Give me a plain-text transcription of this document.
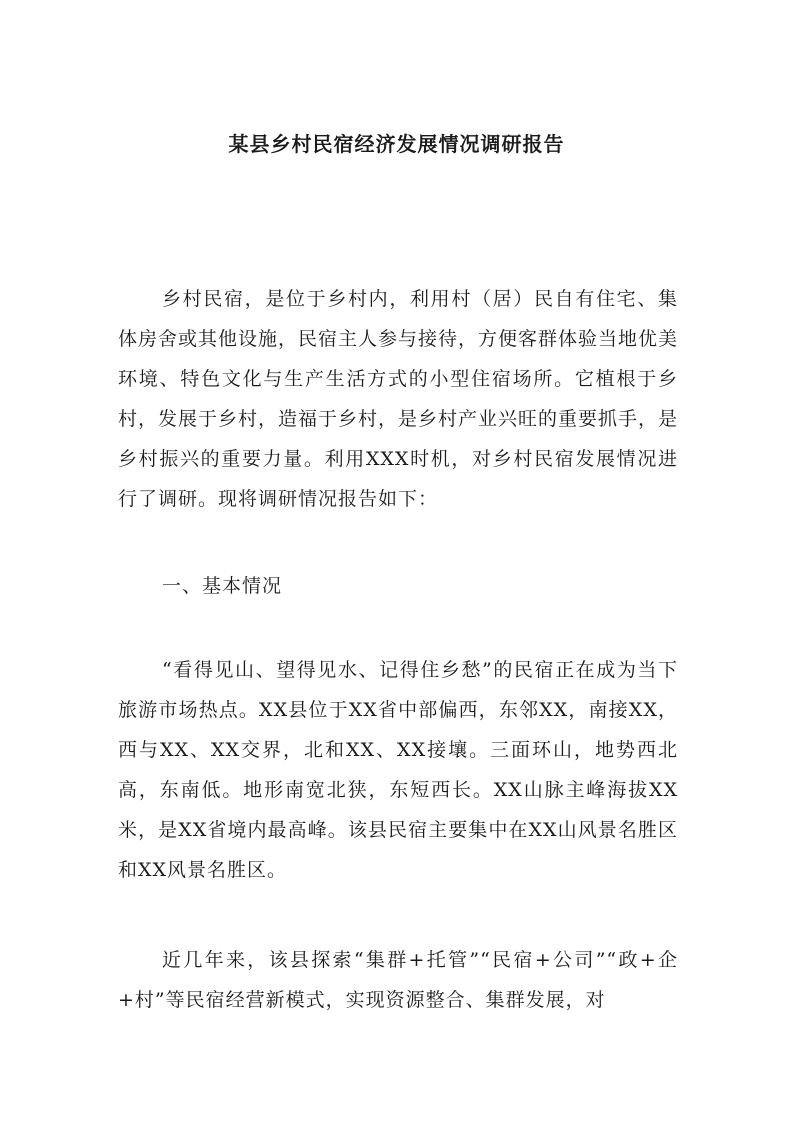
某县乡村民宿经济发展情况调研报告

乡村民宿，是位于乡村内，利用村（居）民自有住宅、集体房舍或其他设施，民宿主人参与接待，方便客群体验当地优美环境、特色文化与生产生活方式的小型住宿场所。它植根于乡村，发展于乡村，造福于乡村，是乡村产业兴旺的重要抓手，是乡村振兴的重要力量。利用XXX时机，对乡村民宿发展情况进行了调研。现将调研情况报告如下：

一、基本情况

“看得见山、望得见水、记得住乡愁”的民宿正在成为当下旅游市场热点。XX县位于XX省中部偏西，东邻XX，南接XX，西与XX、XX交界，北和XX、XX接壤。三面环山，地势西北高，东南低。地形南宽北狭，东短西长。XX山脉主峰海拔XX米，是XX省境内最高峰。该县民宿主要集中在XX山风景名胜区和XX风景名胜区。

近几年来，该县探索“集群+托管”“民宿+公司”“政+企+村”等民宿经营新模式，实现资源整合、集群发展，对
